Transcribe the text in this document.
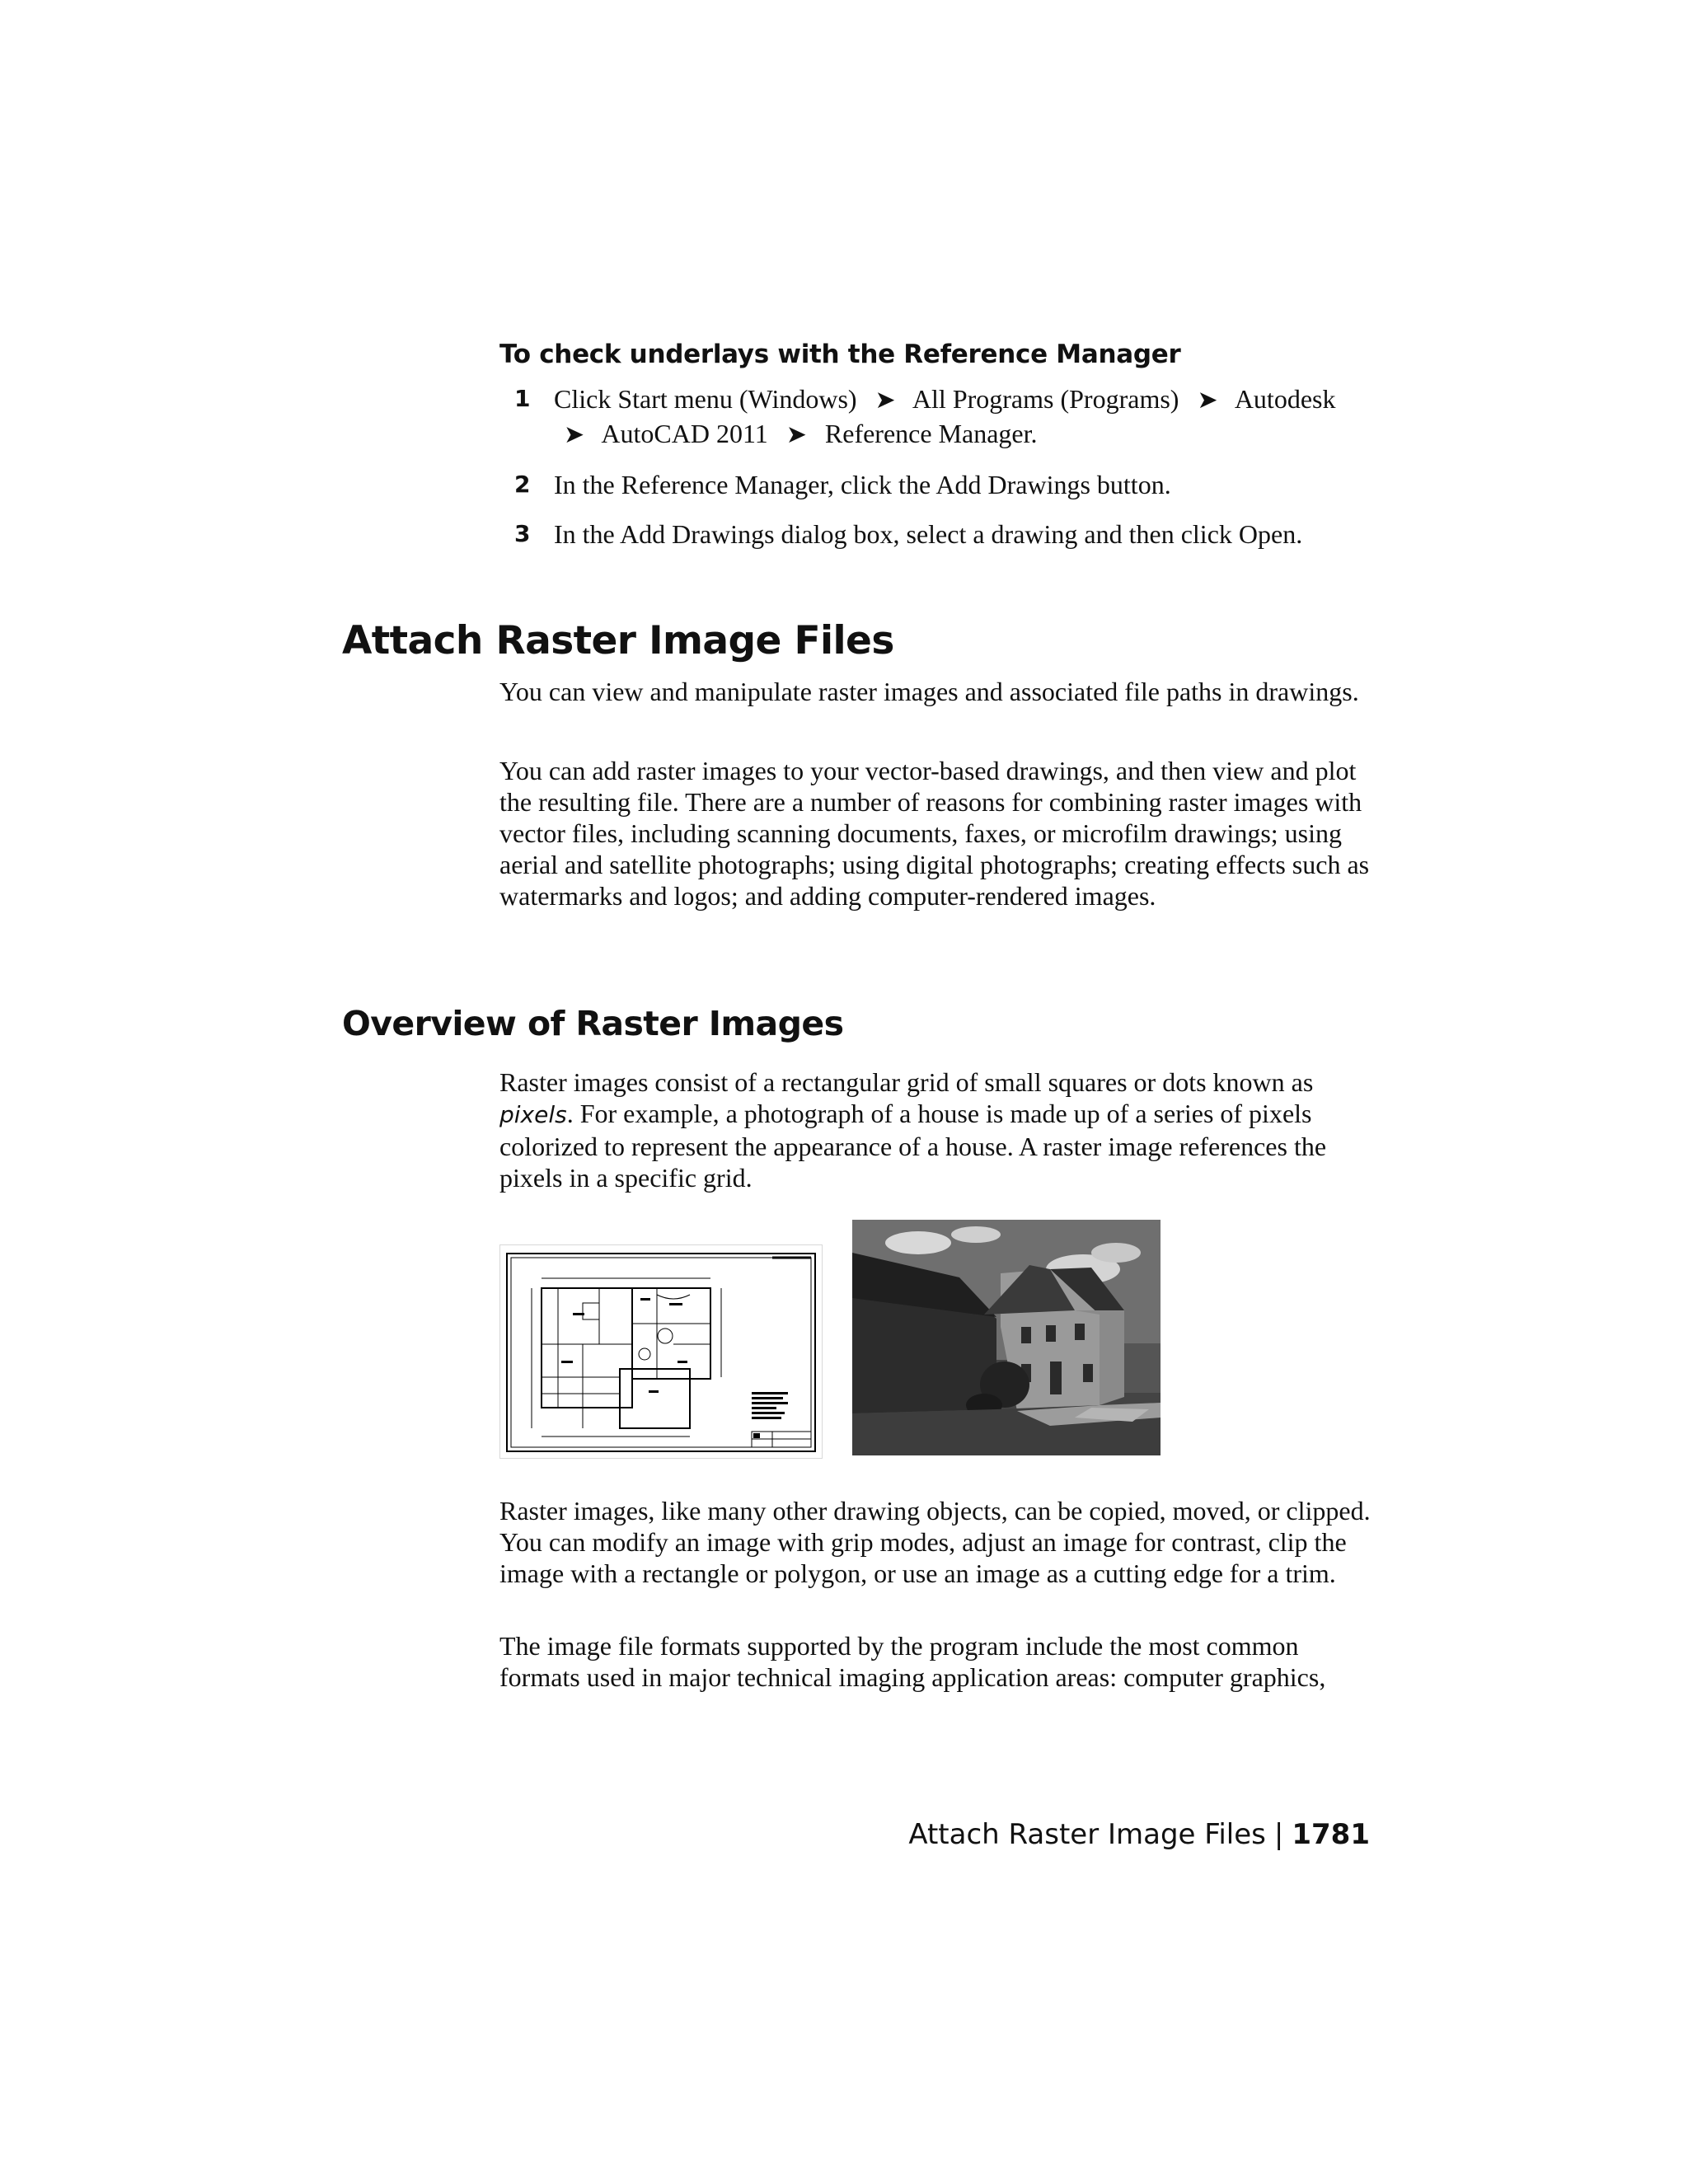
To check underlays with the Reference Manager
1 Click Start menu (Windows) ➤ All Programs (Programs) ➤ Autodesk
➤ AutoCAD 2011 ➤ Reference Manager.
2 In the Reference Manager, click the Add Drawings button.
3 In the Add Drawings dialog box, select a drawing and then click Open.
Attach Raster Image Files

You can view and manipulate raster images and associated file paths in drawings.

You can add raster images to your vector-based drawings, and then view and plot the resulting file. There are a number of reasons for combining raster images with vector files, including scanning documents, faxes, or microfilm drawings; using aerial and satellite photographs; using digital photographs; creating effects such as watermarks and logos; and adding computer-rendered images.

Overview of Raster Images

Raster images consist of a rectangular grid of small squares or dots known as pixels. For example, a photograph of a house is made up of a series of pixels colorized to represent the appearance of a house. A raster image references the pixels in a specific grid.

Raster images, like many other drawing objects, can be copied, moved, or clipped. You can modify an image with grip modes, adjust an image for contrast, clip the image with a rectangle or polygon, or use an image as a cutting edge for a trim.

The image file formats supported by the program include the most common formats used in major technical imaging application areas: computer graphics,

Attach Raster Image Files | 1781
